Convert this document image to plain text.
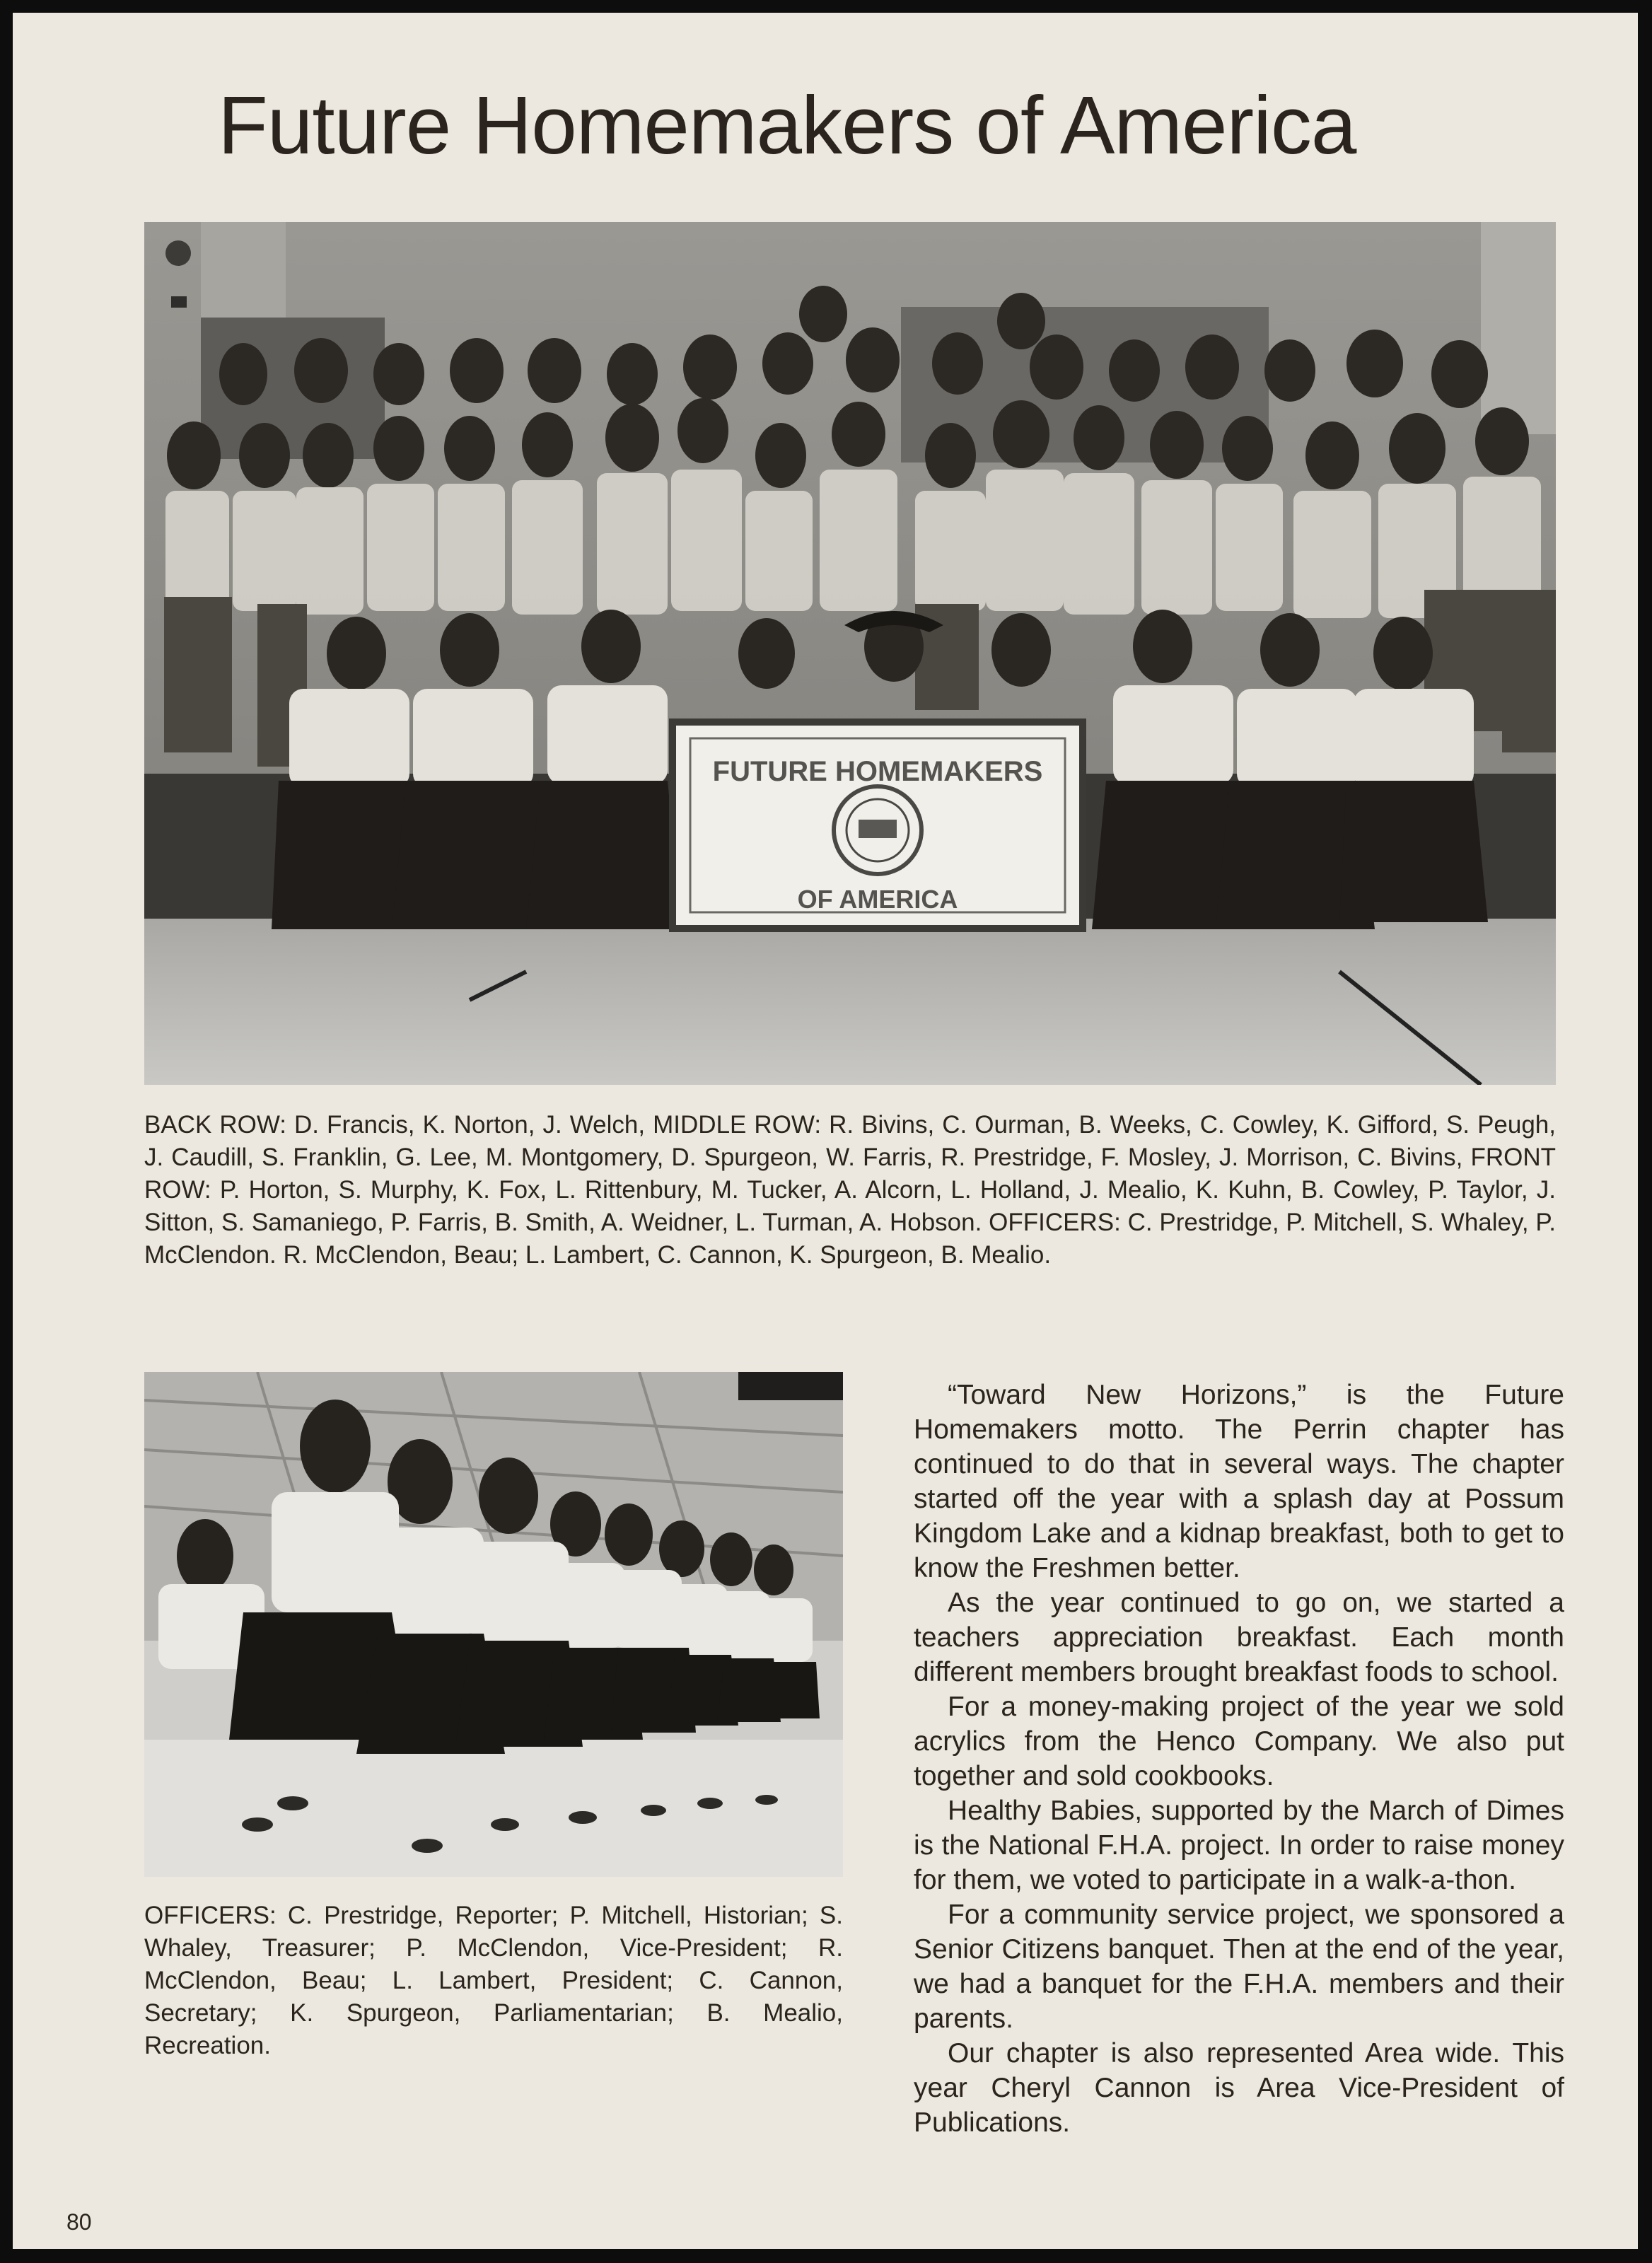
Future Homemakers of America
FUTURE HOMEMAKERS
OF AMERICA

BACK ROW: D. Francis, K. Norton, J. Welch, MIDDLE ROW: R. Bivins, C. Ourman, B. Weeks, C. Cowley, K. Gifford, S. Peugh, J. Caudill, S. Franklin, G. Lee, M. Montgomery, D. Spurgeon, W. Farris, R. Prestridge, F. Mosley, J. Morrison, C. Bivins, FRONT ROW: P. Horton, S. Murphy, K. Fox, L. Rittenbury, M. Tucker, A. Alcorn, L. Holland, J. Mealio, K. Kuhn, B. Cowley, P. Taylor, J. Sitton, S. Samaniego, P. Farris, B. Smith, A. Weidner, L. Turman, A. Hobson. OFFICERS: C. Prestridge, P. Mitchell, S. Whaley, P. McClendon. R. McClendon, Beau; L. Lambert, C. Cannon, K. Spurgeon, B. Mealio.

OFFICERS: C. Prestridge, Reporter; P. Mitchell, Historian; S. Whaley, Treasurer; P. McClendon, Vice-President; R. McClendon, Beau; L. Lambert, President; C. Cannon, Secretary; K. Spurgeon, Parliamentarian; B. Mealio, Recreation.

“Toward New Horizons,” is the Future Homemakers motto. The Perrin chapter has continued to do that in several ways. The chapter started off the year with a splash day at Possum Kingdom Lake and a kidnap breakfast, both to get to know the Freshmen better.

As the year continued to go on, we started a teachers appreciation breakfast. Each month different members brought breakfast foods to school.

For a money-making project of the year we sold acrylics from the Henco Company. We also put together and sold cookbooks.

Healthy Babies, supported by the March of Dimes is the National F.H.A. project. In order to raise money for them, we voted to participate in a walk-a-thon.

For a community service project, we sponsored a Senior Citizens banquet. Then at the end of the year, we had a banquet for the F.H.A. members and their parents.

Our chapter is also represented Area wide. This year Cheryl Cannon is Area Vice-President of Publications.

80
